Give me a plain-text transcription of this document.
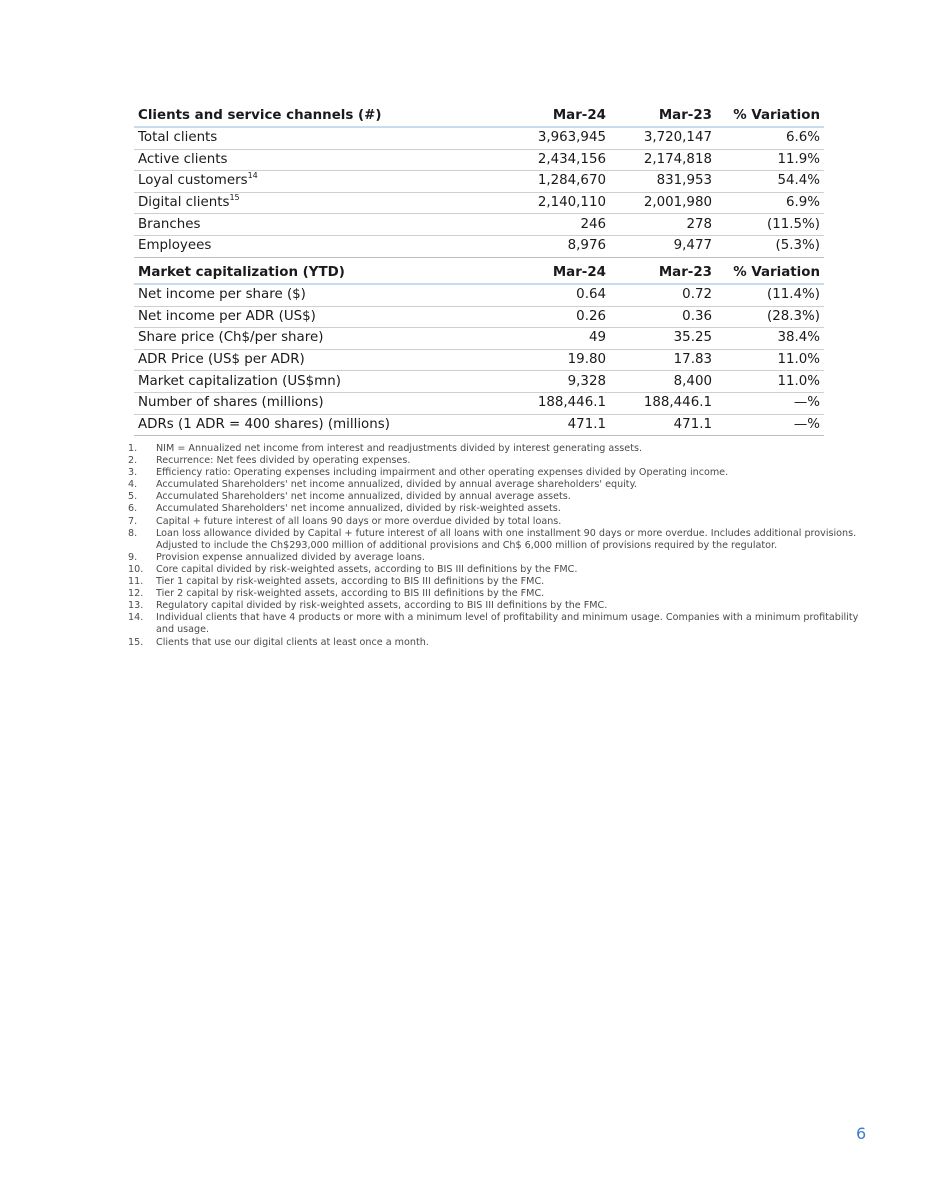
Clients and service channels (#)	Mar-24	Mar-23	% Variation
Total clients	3,963,945	3,720,147	6.6%
Active clients	2,434,156	2,174,818	11.9%
Loyal customers$^{14}$	1,284,670	831,953	54.4%
Digital clients$^{15}$	2,140,110	2,001,980	6.9%
Branches	246	278	(11.5%)
Employees	8,976	9,477	(5.3%)
Market capitalization (YTD)	Mar-24	Mar-23	% Variation
Net income per share ($)	0.64	0.72	(11.4%)
Net income per ADR (US$)	0.26	0.36	(28.3%)
Share price (Ch$/per share)	49	35.25	38.4%
ADR Price (US$ per ADR)	19.80	17.83	11.0%
Market capitalization (US$mn)	9,328	8,400	11.0%
Number of shares (millions)	188,446.1	188,446.1	—%
ADRs (1 ADR = 400 shares) (millions)	471.1	471.1	—%
1.	NIM = Annualized net income from interest and readjustments divided by interest generating assets.
2.	Recurrence: Net fees divided by operating expenses.
3.	Efficiency ratio: Operating expenses including impairment and other operating expenses divided by Operating income.
4.	Accumulated Shareholders' net income annualized, divided by annual average shareholders' equity.
5.	Accumulated Shareholders' net income annualized, divided by annual average assets.
6.	Accumulated Shareholders' net income annualized, divided by risk-weighted assets.
7.	Capital + future interest of all loans 90 days or more overdue divided by total loans.
8.	Loan loss allowance divided by Capital + future interest of all loans with one installment 90 days or more overdue. Includes additional provisions. Adjusted to include the Ch$293,000 million of additional provisions and Ch$ 6,000 million of provisions required by the regulator.
9.	Provision expense annualized divided by average loans.
10.	Core capital divided by risk-weighted assets, according to BIS III definitions by the FMC.
11.	Tier 1 capital by risk-weighted assets, according to BIS III definitions by the FMC.
12.	Tier 2 capital by risk-weighted assets, according to BIS III definitions by the FMC.
13.	Regulatory capital divided by risk-weighted assets, according to BIS III definitions by the FMC.
14.	Individual clients that have 4 products or more with a minimum level of profitability and minimum usage. Companies with a minimum profitability and usage.
15.	Clients that use our digital clients at least once a month.
6
